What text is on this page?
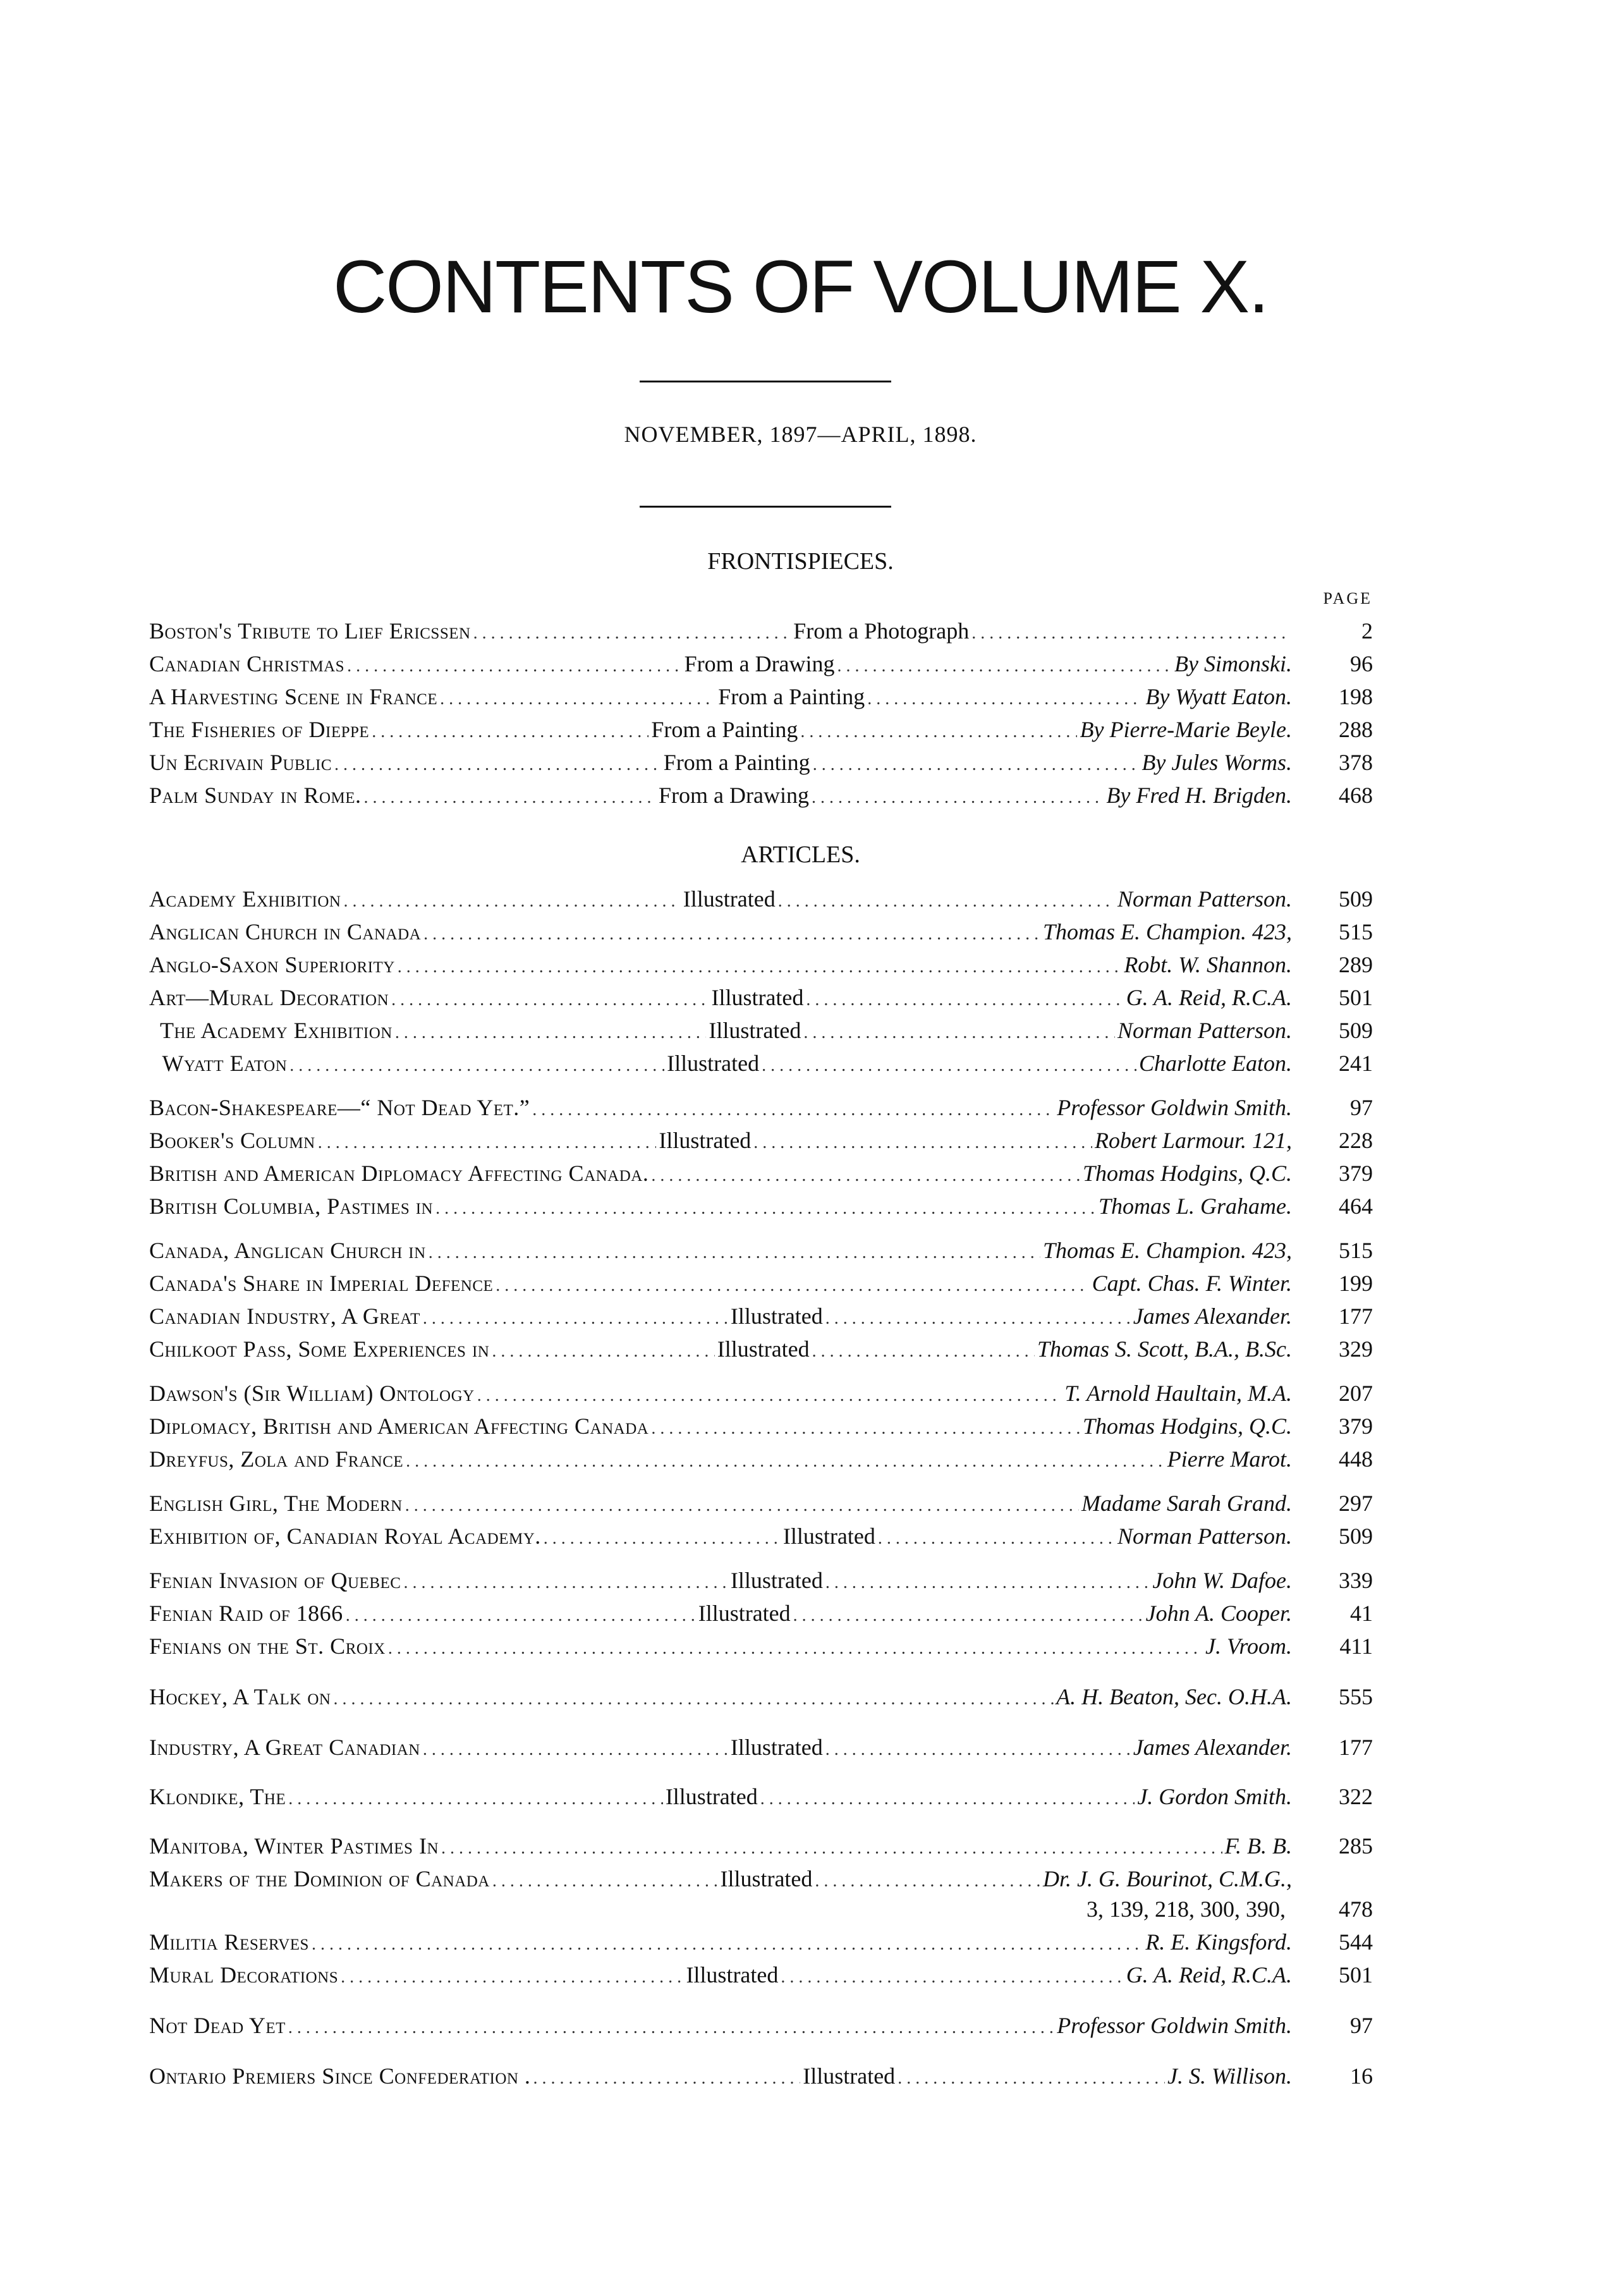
CONTENTS OF VOLUME X.
NOVEMBER, 1897—APRIL, 1898.
FRONTISPIECES.
PAGE
Boston's Tribute to Lief Ericssen .....	From a Photograph .....	2
Canadian Christmas .....	From a Drawing .....	By Simonski.	96
A Harvesting Scene in France .....	From a Painting .....	By Wyatt Eaton.	198
The Fisheries of Dieppe .....	From a Painting .....	By Pierre-Marie Beyle.	288
Un Ecrivain Public .....	From a Painting .....	By Jules Worms.	378
Palm Sunday in Rome. .....	From a Drawing .....	By Fred H. Brigden.	468
ARTICLES.
Academy Exhibition .....	Illustrated .....	Norman Patterson.	509
Anglican Church in Canada .....	Thomas E. Champion. 423,	515
Anglo-Saxon Superiority .....	Robt. W. Shannon.	289
Art—Mural Decoration .....	Illustrated .....	G. A. Reid, R.C.A.	501
The Academy Exhibition .....	Illustrated .....	Norman Patterson.	509
Wyatt Eaton .....	Illustrated .....	Charlotte Eaton.	241
Bacon-Shakespeare—“ Not Dead Yet.” .....	Professor Goldwin Smith.	97
Booker's Column .....	Illustrated .....	Robert Larmour. 121,	228
British and American Diplomacy Affecting Canada. .....	Thomas Hodgins, Q.C.	379
British Columbia, Pastimes in .....	Thomas L. Grahame.	464
Canada, Anglican Church in .....	Thomas E. Champion. 423,	515
Canada's Share in Imperial Defence .....	Capt. Chas. F. Winter.	199
Canadian Industry, A Great .....	Illustrated .....	James Alexander.	177
Chilkoot Pass, Some Experiences in .....	Illustrated .....	Thomas S. Scott, B.A., B.Sc.	329
Dawson's (Sir William) Ontology .....	T. Arnold Haultain, M.A.	207
Diplomacy, British and American Affecting Canada .....	Thomas Hodgins, Q.C.	379
Dreyfus, Zola and France .....	Pierre Marot.	448
English Girl, The Modern .....	Madame Sarah Grand.	297
Exhibition of, Canadian Royal Academy. .....	Illustrated .....	Norman Patterson.	509
Fenian Invasion of Quebec .....	Illustrated .....	John W. Dafoe.	339
Fenian Raid of 1866 .....	Illustrated .....	John A. Cooper.	41
Fenians on the St. Croix .....	J. Vroom.	411
Hockey, A Talk on .....	A. H. Beaton, Sec. O.H.A.	555
Industry, A Great Canadian .....	Illustrated .....	James Alexander.	177
Klondike, The .....	Illustrated .....	J. Gordon Smith.	322
Manitoba, Winter Pastimes In .....	F. B. B.	285
Makers of the Dominion of Canada .....	Illustrated .....	Dr. J. G. Bourinot, C.M.G.,
3, 139, 218, 300, 390,	478
Militia Reserves .....	R. E. Kingsford.	544
Mural Decorations .....	Illustrated .....	G. A. Reid, R.C.A.	501
Not Dead Yet .....	Professor Goldwin Smith.	97
Ontario Premiers Since Confederation . .....	Illustrated .....	J. S. Willison.	16
